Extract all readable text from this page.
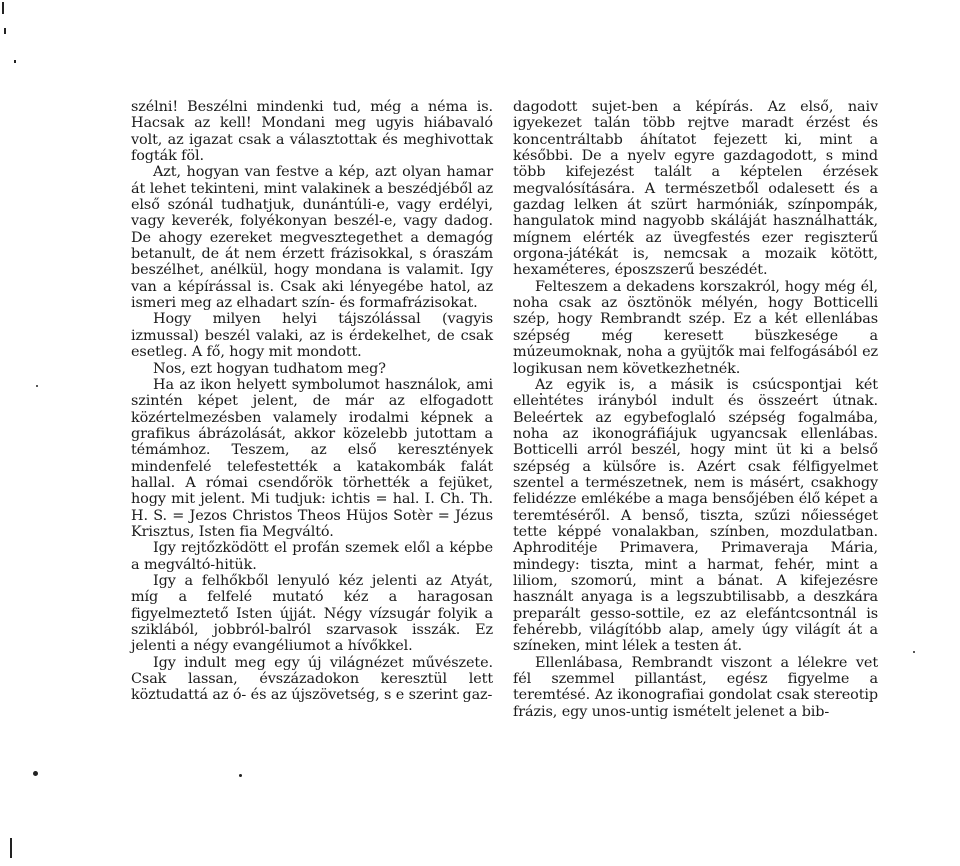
szélni! Beszélni mindenki tud, még a néma is. Hacsak az kell! Mondani meg ugyis hiábavaló volt, az igazat csak a választottak és meghivottak fogták föl.

Azt, hogyan van festve a kép, azt olyan hamar át lehet tekinteni, mint valakinek a beszédjéből az első szónál tudhatjuk, dunántúli-e, vagy erdélyi, vagy keverék, folyékonyan beszél-e, vagy dadog. De ahogy ezereket megvesztegethet a demagóg betanult, de át nem érzett frázisokkal, s óraszám beszélhet, anélkül, hogy mondana is valamit. Igy van a képírással is. Csak aki lényegébe hatol, az ismeri meg az elhadart szín- és formafrázisokat.

Hogy milyen helyi tájszólással (vagyis izmussal) beszél valaki, az is érdekelhet, de csak esetleg. A fő, hogy mit mondott.

Nos, ezt hogyan tudhatom meg?

Ha az ikon helyett symbolumot használok, ami szintén képet jelent, de már az elfogadott közértelmezésben valamely irodalmi képnek a grafikus ábrázolását, akkor közelebb jutottam a témámhoz. Teszem, az első keresztények mindenfelé telefestették a katakombák falát hallal. A római csendőrök törhették a fejüket, hogy mit jelent. Mi tudjuk: ichtis = hal. I. Ch. Th. H. S. = Jezos Christos Theos Hüjos Sotèr = Jézus Krisztus, Isten fia Megváltó.

Igy rejtőzködött el profán szemek elől a képbe a megváltó-hitük.

Igy a felhőkből lenyuló kéz jelenti az Atyát, míg a felfelé mutató kéz a haragosan figyelmeztető Isten újját. Négy vízsugár folyik a sziklából, jobbról-balról szarvasok isszák. Ez jelenti a négy evangéliumot a hívőkkel.

Igy indult meg egy új világnézet művészete. Csak lassan, évszázadokon keresztül lett köztudattá az ó- és az újszövetség, s e szerint gaz-

dagodott sujet-ben a képírás. Az első, naiv igyekezet talán több rejtve maradt érzést és koncentráltabb áhítatot fejezett ki, mint a későbbi. De a nyelv egyre gazdagodott, s mind több kifejezést talált a képtelen érzések megvalósítására. A természetből odalesett és a gazdag lelken át szürt harmóniák, színpompák, hangulatok mind nagyobb skáláját használhatták, mígnem elérték az üvegfestés ezer regiszterű orgona-játékát is, nemcsak a mozaik kötött, hexaméteres, époszszerű beszédét.

Felteszem a dekadens korszakról, hogy még él, noha csak az ösztönök mélyén, hogy Botticelli szép, hogy Rembrandt szép. Ez a két ellenlábas szépség még keresett büszkesége a múzeumoknak, noha a gyüjtők mai felfogásából ez logikusan nem következhetnék.

Az egyik is, a másik is csúcspontjai két ellentétes irányból indult és összeért útnak. Beleértek az egybefoglaló szépség fogalmába, noha az ikonográfiájuk ugyancsak ellenlábas. Botticelli arról beszél, hogy mint üt ki a belső szépség a külsőre is. Azért csak félfigyelmet szentel a természetnek, nem is másért, csakhogy felidézze emlékébe a maga bensőjében élő képet a teremtéséről. A benső, tiszta, szűzi nőiességet tette képpé vonalakban, színben, mozdulatban. Aphroditéje Primavera, Primaveraja Mária, mindegy: tiszta, mint a harmat, fehér, mint a liliom, szomorú, mint a bánat. A kifejezésre használt anyaga is a legszubtilisabb, a deszkára preparált gesso-sottile, ez az elefántcsontnál is fehérebb, világítóbb alap, amely úgy világít át a színeken, mint lélek a testen át.

Ellenlábasa, Rembrandt viszont a lélekre vet fél szemmel pillantást, egész figyelme a teremtésé. Az ikonografiai gondolat csak stereotip frázis, egy unos-untig ismételt jelenet a bib-
